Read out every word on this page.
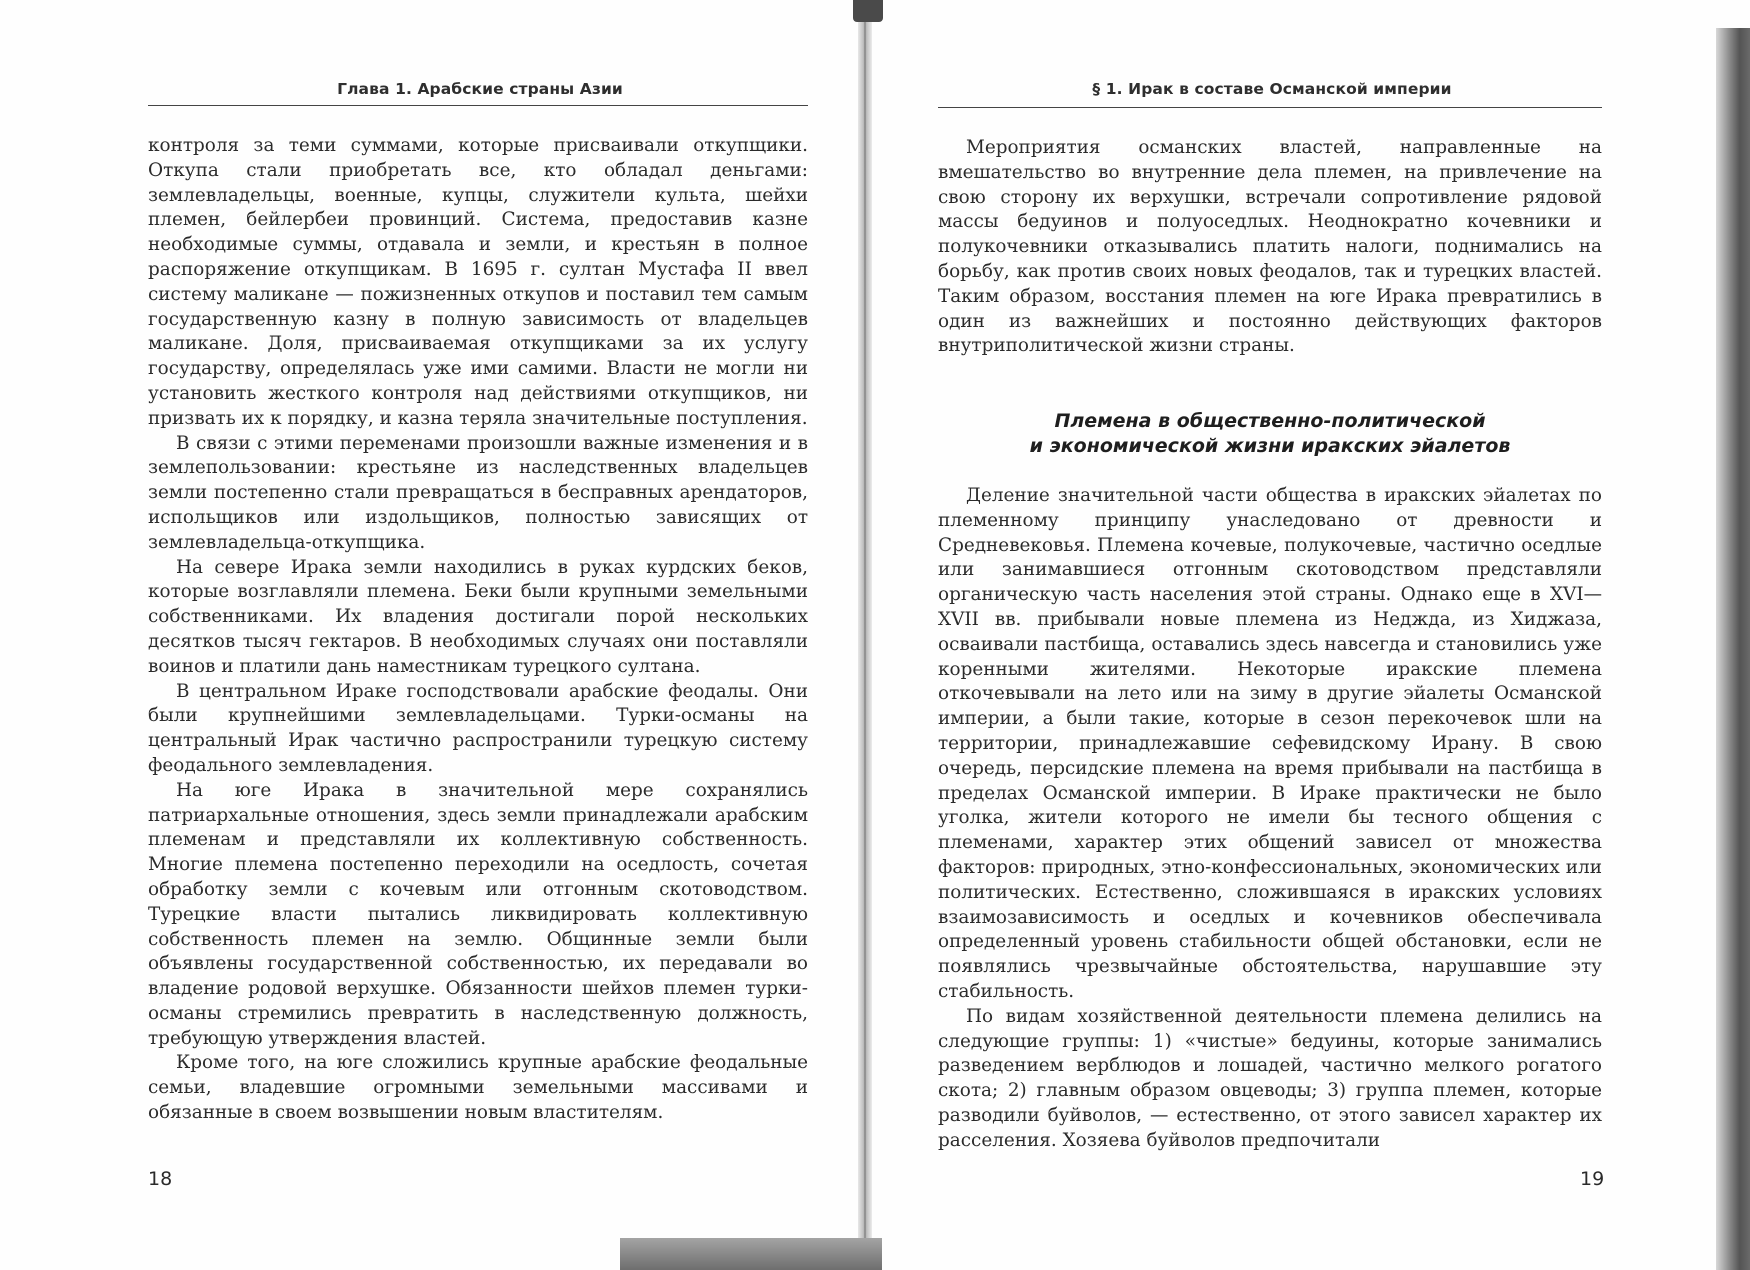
Глава 1. Арабские страны Азии

контроля за теми суммами, которые присваивали откупщики. Откупа стали приобретать все, кто обладал деньгами: землевладельцы, военные, купцы, служители культа, шейхи племен, бейлербеи провинций. Система, предоставив казне необходимые суммы, отдавала и земли, и крестьян в полное распоряжение откупщикам. В 1695 г. султан Мустафа II ввел систему маликане — пожизненных откупов и поставил тем самым государственную казну в полную зависимость от владельцев маликане. Доля, присваиваемая откупщиками за их услугу государству, определялась уже ими самими. Власти не могли ни установить жесткого контроля над действиями откупщиков, ни призвать их к порядку, и казна теряла значительные поступления.

В связи с этими переменами произошли важные изменения и в землепользовании: крестьяне из наследственных владельцев земли постепенно стали превращаться в бесправных арендаторов, испольщиков или издольщиков, полностью зависящих от землевладельца-откупщика.

На севере Ирака земли находились в руках курдских беков, которые возглавляли племена. Беки были крупными земельными собственниками. Их владения достигали порой нескольких десятков тысяч гектаров. В необходимых случаях они поставляли воинов и платили дань наместникам турецкого султана.

В центральном Ираке господствовали арабские феодалы. Они были крупнейшими землевладельцами. Турки-османы на центральный Ирак частично распространили турецкую систему феодального землевладения.

На юге Ирака в значительной мере сохранялись патриархальные отношения, здесь земли принадлежали арабским племенам и представляли их коллективную собственность. Многие племена постепенно переходили на оседлость, сочетая обработку земли с кочевым или отгонным скотоводством. Турецкие власти пытались ликвидировать коллективную собственность племен на землю. Общинные земли были объявлены государственной собственностью, их передавали во владение родовой верхушке. Обязанности шейхов племен турки-османы стремились превратить в наследственную должность, требующую утверждения властей.

Кроме того, на юге сложились крупные арабские феодальные семьи, владевшие огромными земельными массивами и обязанные в своем возвышении новым властителям.

18
§ 1. Ирак в составе Османской империи

Мероприятия османских властей, направленные на вмешательство во внутренние дела племен, на привлечение на свою сторону их верхушки, встречали сопротивление рядовой массы бедуинов и полуоседлых. Неоднократно кочевники и полукочевники отказывались платить налоги, поднимались на борьбу, как против своих новых феодалов, так и турецких властей. Таким образом, восстания племен на юге Ирака превратились в один из важнейших и постоянно действующих факторов внутриполитической жизни страны.

Племена в общественно-политической
и экономической жизни иракских эйалетов

Деление значительной части общества в иракских эйалетах по племенному принципу унаследовано от древности и Средневековья. Племена кочевые, полукочевые, частично оседлые или занимавшиеся отгонным скотоводством представляли органическую часть населения этой страны. Однако еще в XVI—XVII вв. прибывали новые племена из Неджда, из Хиджаза, осваивали пастбища, оставались здесь навсегда и становились уже коренными жителями. Некоторые иракские племена откочевывали на лето или на зиму в другие эйалеты Османской империи, а были такие, которые в сезон перекочевок шли на территории, принадлежавшие сефевидскому Ирану. В свою очередь, персидские племена на время прибывали на пастбища в пределах Османской империи. В Ираке практически не было уголка, жители которого не имели бы тесного общения с племенами, характер этих общений зависел от множества факторов: природных, этно-конфессиональных, экономических или политических. Естественно, сложившаяся в иракских условиях взаимозависимость и оседлых и кочевников обеспечивала определенный уровень стабильности общей обстановки, если не появлялись чрезвычайные обстоятельства, нарушавшие эту стабильность.

По видам хозяйственной деятельности племена делились на следующие группы: 1) «чистые» бедуины, которые занимались разведением верблюдов и лошадей, частично мелкого рогатого скота; 2) главным образом овцеводы; 3) группа племен, которые разводили буйволов, — естественно, от этого зависел характер их расселения. Хозяева буйволов предпочитали

19
